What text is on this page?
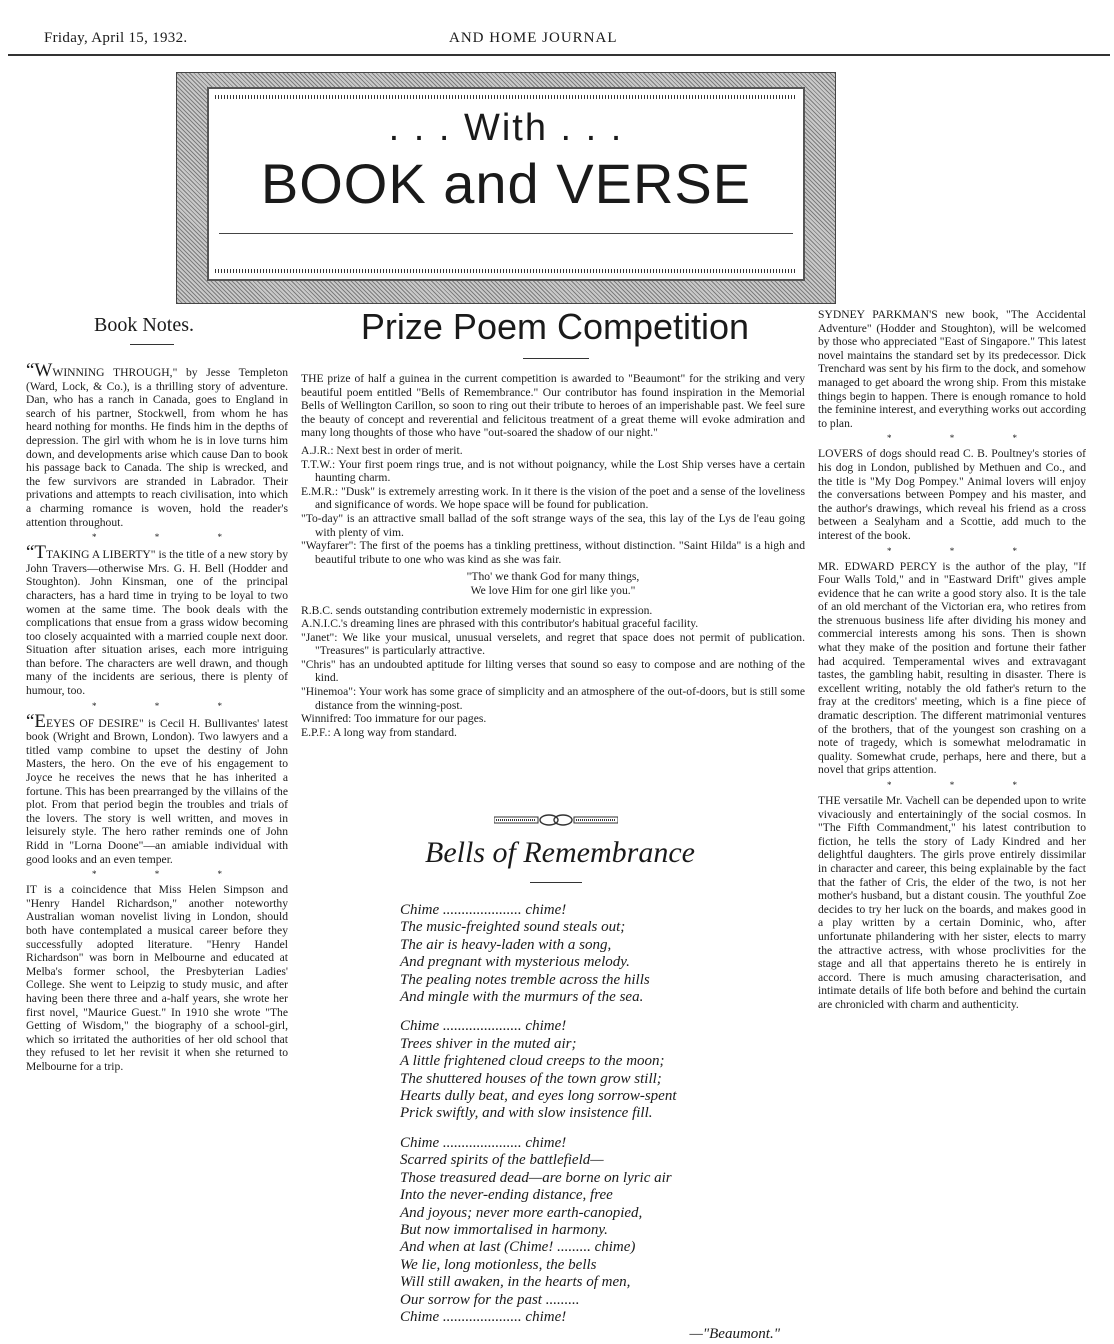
Friday, April 15, 1932.	AND HOME JOURNAL
. . . With . . .
BOOK and VERSE
Book Notes.

“WWINNING THROUGH," by Jesse Templeton (Ward, Lock, & Co.), is a thrilling story of adventure. Dan, who has a ranch in Canada, goes to England in search of his partner, Stockwell, from whom he has heard nothing for months. He finds him in the depths of depression. The girl with whom he is in love turns him down, and developments arise which cause Dan to book his passage back to Canada. The ship is wrecked, and the few survivors are stranded in Labrador. Their privations and attempts to reach civilisation, into which a charming romance is woven, hold the reader's attention throughout.

* * *

“TTAKING A LIBERTY" is the title of a new story by John Travers—otherwise Mrs. G. H. Bell (Hodder and Stoughton). John Kinsman, one of the principal characters, has a hard time in trying to be loyal to two women at the same time. The book deals with the complications that ensue from a grass widow becoming too closely acquainted with a married couple next door. Situation after situation arises, each more intriguing than before. The characters are well drawn, and though many of the incidents are serious, there is plenty of humour, too.

* * *

“EEYES OF DESIRE" is Cecil H. Bullivantes' latest book (Wright and Brown, London). Two lawyers and a titled vamp combine to upset the destiny of John Masters, the hero. On the eve of his engagement to Joyce he receives the news that he has inherited a fortune. This has been prearranged by the villains of the plot. From that period begin the troubles and trials of the lovers. The story is well written, and moves in leisurely style. The hero rather reminds one of John Ridd in "Lorna Doone"—an amiable individual with good looks and an even temper.

* * *

IT is a coincidence that Miss Helen Simpson and "Henry Handel Richardson," another noteworthy Australian woman novelist living in London, should both have contemplated a musical career before they successfully adopted literature. "Henry Handel Richardson" was born in Melbourne and educated at Melba's former school, the Presbyterian Ladies' College. She went to Leipzig to study music, and after having been there three and a-half years, she wrote her first novel, "Maurice Guest." In 1910 she wrote "The Getting of Wisdom," the biography of a school-girl, which so irritated the authorities of her old school that they refused to let her revisit it when she returned to Melbourne for a trip.

Prize Poem Competition

THE prize of half a guinea in the current competition is awarded to "Beaumont" for the striking and very beautiful poem entitled "Bells of Remembrance." Our contributor has found inspiration in the Memorial Bells of Wellington Carillon, so soon to ring out their tribute to heroes of an imperishable past. We feel sure the beauty of concept and reverential and felicitous treatment of a great theme will evoke admiration and many long thoughts of those who have "out-soared the shadow of our night."

A.J.R.: Next best in order of merit.
T.T.W.: Your first poem rings true, and is not without poignancy, while the Lost Ship verses have a certain haunting charm.
E.M.R.: "Dusk" is extremely arresting work. In it there is the vision of the poet and a sense of the loveliness and significance of words. We hope space will be found for publication.
"To-day" is an attractive small ballad of the soft strange ways of the sea, this lay of the Lys de l'eau going with plenty of vim.
"Wayfarer": The first of the poems has a tinkling prettiness, without distinction. "Saint Hilda" is a high and beautiful tribute to one who was kind as she was fair.
"Tho' we thank God for many things,
We love Him for one girl like you."
R.B.C. sends outstanding contribution extremely modernistic in expression.
A.N.I.C.'s dreaming lines are phrased with this contributor's habitual graceful facility.
"Janet": We like your musical, unusual verselets, and regret that space does not permit of publication. "Treasures" is particularly attractive.
"Chris" has an undoubted aptitude for lilting verses that sound so easy to compose and are nothing of the kind.
"Hinemoa": Your work has some grace of simplicity and an atmosphere of the out-of-doors, but is still some distance from the winning-post.
Winnifred: Too immature for our pages.
E.P.F.: A long way from standard.
Bells of Remembrance
Chime ..................... chime!
The music-freighted sound steals out;
The air is heavy-laden with a song,
And pregnant with mysterious melody.
The pealing notes tremble across the hills
And mingle with the murmurs of the sea.
Chime ..................... chime!
Trees shiver in the muted air;
A little frightened cloud creeps to the moon;
The shuttered houses of the town grow still;
Hearts dully beat, and eyes long sorrow-spent
Prick swiftly, and with slow insistence fill.
Chime ..................... chime!
Scarred spirits of the battlefield—
Those treasured dead—are borne on lyric air
Into the never-ending distance, free
And joyous; never more earth-canopied,
But now immortalised in harmony.
And when at last (Chime! ......... chime)
We lie, long motionless, the bells
Will still awaken, in the hearts of men,
Our sorrow for the past .........
Chime ..................... chime!
—"Beaumont."

SYDNEY PARKMAN'S new book, "The Accidental Adventure" (Hodder and Stoughton), will be welcomed by those who appreciated "East of Singapore." This latest novel maintains the standard set by its predecessor. Dick Trenchard was sent by his firm to the dock, and somehow managed to get aboard the wrong ship. From this mistake things begin to happen. There is enough romance to hold the feminine interest, and everything works out according to plan.

* * *

LOVERS of dogs should read C. B. Poultney's stories of his dog in London, published by Methuen and Co., and the title is "My Dog Pompey." Animal lovers will enjoy the conversations between Pompey and his master, and the author's drawings, which reveal his friend as a cross between a Sealyham and a Scottie, add much to the interest of the book.

* * *

MR. EDWARD PERCY is the author of the play, "If Four Walls Told," and in "Eastward Drift" gives ample evidence that he can write a good story also. It is the tale of an old merchant of the Victorian era, who retires from the strenuous business life after dividing his money and commercial interests among his sons. Then is shown what they make of the position and fortune their father had acquired. Temperamental wives and extravagant tastes, the gambling habit, resulting in disaster. There is excellent writing, notably the old father's return to the fray at the creditors' meeting, which is a fine piece of dramatic description. The different matrimonial ventures of the brothers, that of the youngest son crashing on a note of tragedy, which is somewhat melodramatic in quality. Somewhat crude, perhaps, here and there, but a novel that grips attention.

* * *

THE versatile Mr. Vachell can be depended upon to write vivaciously and entertainingly of the social cosmos. In "The Fifth Commandment," his latest contribution to fiction, he tells the story of Lady Kindred and her delightful daughters. The girls prove entirely dissimilar in character and career, this being explainable by the fact that the father of Cris, the elder of the two, is not her mother's husband, but a distant cousin. The youthful Zoe decides to try her luck on the boards, and makes good in a play written by a certain Dominic, who, after unfortunate philandering with her sister, elects to marry the attractive actress, with whose proclivities for the stage and all that appertains thereto he is entirely in accord. There is much amusing characterisation, and intimate details of life both before and behind the curtain are chronicled with charm and authenticity.
